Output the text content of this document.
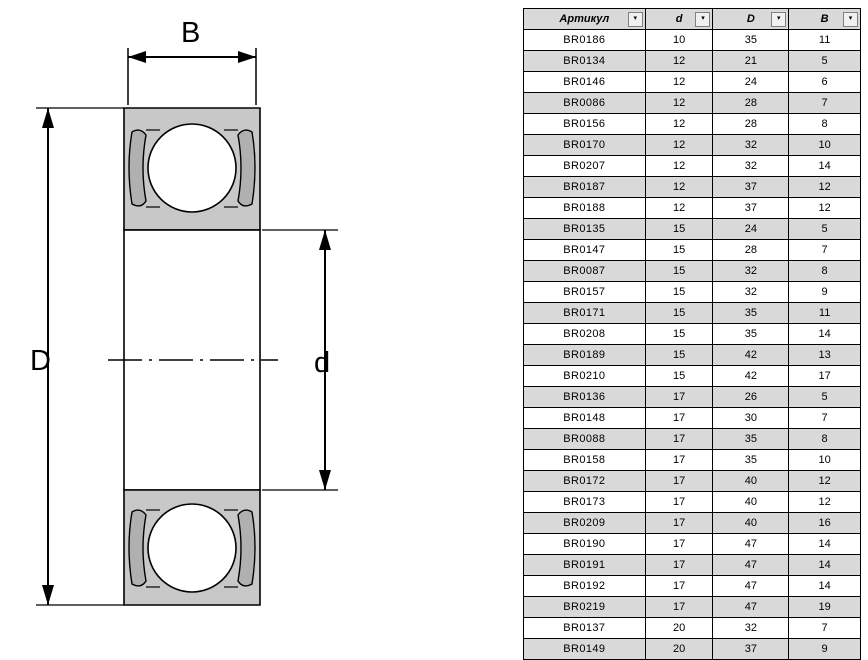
B
D	d
Артикул ▾	d ▾	D ▾	B ▾

BR0186	10	35	11
BR0134	12	21	5
BR0146	12	24	6
BR0086	12	28	7
BR0156	12	28	8
BR0170	12	32	10
BR0207	12	32	14
BR0187	12	37	12
BR0188	12	37	12
BR0135	15	24	5
BR0147	15	28	7
BR0087	15	32	8
BR0157	15	32	9
BR0171	15	35	11
BR0208	15	35	14
BR0189	15	42	13
BR0210	15	42	17
BR0136	17	26	5
BR0148	17	30	7
BR0088	17	35	8
BR0158	17	35	10
BR0172	17	40	12
BR0173	17	40	12
BR0209	17	40	16
BR0190	17	47	14
BR0191	17	47	14
BR0192	17	47	14
BR0219	17	47	19
BR0137	20	32	7
BR0149	20	37	9
